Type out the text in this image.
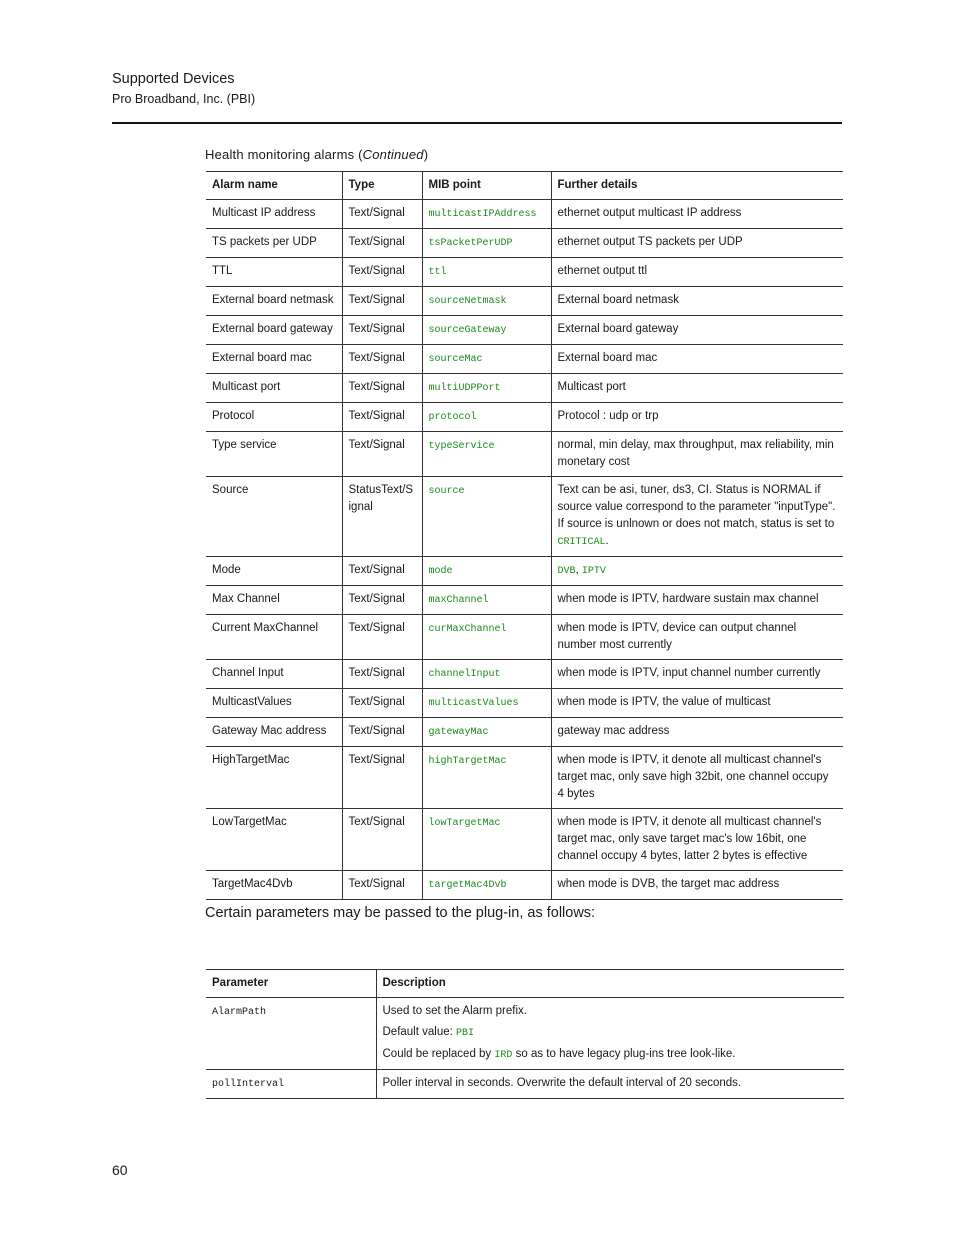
Supported Devices
Pro Broadband, Inc. (PBI)
Health monitoring alarms (Continued)
Alarm name	Type	MIB point	Further details
Multicast IP address	Text/Signal	multicastIPAddress	ethernet output multicast IP address
TS packets per UDP	Text/Signal	tsPacketPerUDP	ethernet output TS packets per UDP
TTL	Text/Signal	ttl	ethernet output ttl
External board netmask	Text/Signal	sourceNetmask	External board netmask
External board gateway	Text/Signal	sourceGateway	External board gateway
External board mac	Text/Signal	sourceMac	External board mac
Multicast port	Text/Signal	multiUDPPort	Multicast port
Protocol	Text/Signal	protocol	Protocol : udp or trp
Type service	Text/Signal	typeService	normal, min delay, max throughput, max reliability, min monetary cost
Source	StatusText/Signal	source	Text can be asi, tuner, ds3, CI. Status is NORMAL if source value correspond to the parameter "inputType". If source is unlnown or does not match, status is set to CRITICAL.
Mode	Text/Signal	mode	DVB, IPTV
Max Channel	Text/Signal	maxChannel	when mode is IPTV, hardware sustain max channel
Current MaxChannel	Text/Signal	curMaxChannel	when mode is IPTV, device can output channel number most currently
Channel Input	Text/Signal	channelInput	when mode is IPTV, input channel number currently
MulticastValues	Text/Signal	multicastValues	when mode is IPTV, the value of multicast
Gateway Mac address	Text/Signal	gatewayMac	gateway mac address
HighTargetMac	Text/Signal	highTargetMac	when mode is IPTV, it denote all multicast channel's target mac, only save high 32bit, one channel occupy 4 bytes
LowTargetMac	Text/Signal	lowTargetMac	when mode is IPTV, it denote all multicast channel's target mac, only save target mac's low 16bit, one channel occupy 4 bytes, latter 2 bytes is effective
TargetMac4Dvb	Text/Signal	targetMac4Dvb	when mode is DVB, the target mac address
Certain parameters may be passed to the plug-in, as follows:
Parameter	Description
AlarmPath	Used to set the Alarm prefix.

Default value: PBI

Could be replaced by IRD so as to have legacy plug-ins tree look-like.

pollInterval	Poller interval in seconds. Overwrite the default interval of 20 seconds.
60
